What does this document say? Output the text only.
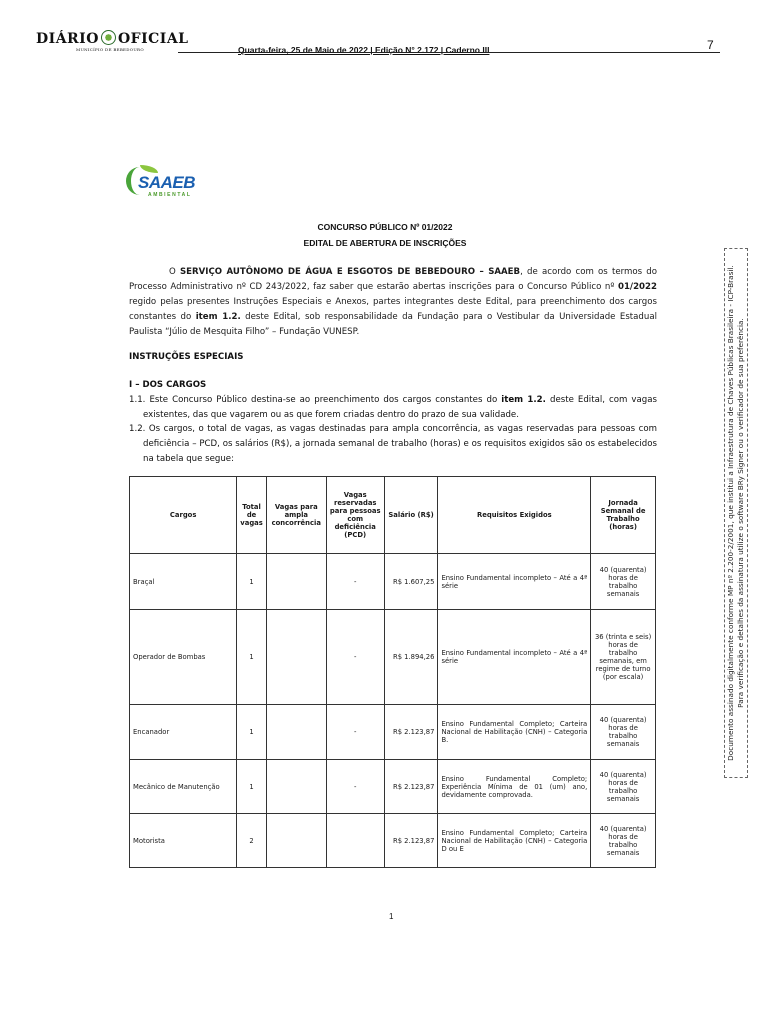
DIÁRIO OFICIAL
MUNICÍPIO DE BEBEDOURO	Quarta-feira, 25 de Maio de 2022 | Edição N° 2.172 | Caderno III	7
SAAEB
AMBIENTAL
CONCURSO PÚBLICO Nº 01/2022
EDITAL DE ABERTURA DE INSCRIÇÕES
O SERVIÇO AUTÔNOMO DE ÁGUA E ESGOTOS DE BEBEDOURO – SAAEB, de acordo com os termos do Processo Administrativo nº CD 243/2022, faz saber que estarão abertas inscrições para o Concurso Público nº 01/2022 regido pelas presentes Instruções Especiais e Anexos, partes integrantes deste Edital, para preenchimento dos cargos constantes do item 1.2. deste Edital, sob responsabilidade da Fundação para o Vestibular da Universidade Estadual Paulista “Júlio de Mesquita Filho” – Fundação VUNESP.
INSTRUÇÕES ESPECIAIS
I – DOS CARGOS
1.1. Este Concurso Público destina-se ao preenchimento dos cargos constantes do item 1.2. deste Edital, com vagas existentes, das que vagarem ou as que forem criadas dentro do prazo de sua validade.
1.2. Os cargos, o total de vagas, as vagas destinadas para ampla concorrência, as vagas reservadas para pessoas com deficiência – PCD, os salários (R$), a jornada semanal de trabalho (horas) e os requisitos exigidos são os estabelecidos na tabela que segue:
Cargos	Total de vagas	Vagas para ampla concorrência	Vagas reservadas para pessoas com deficiência (PCD)	Salário (R$)	Requisitos Exigidos	Jornada Semanal de Trabalho (horas)
Braçal	1		-	R$ 1.607,25	Ensino Fundamental incompleto – Até a 4ª série	40 (quarenta) horas de trabalho semanais
Operador de Bombas	1		-	R$ 1.894,26	Ensino Fundamental incompleto – Até a 4ª série	36 (trinta e seis) horas de trabalho semanais, em regime de turno (por escala)
Encanador	1		-	R$ 2.123,87	Ensino Fundamental Completo; Carteira Nacional de Habilitação (CNH) – Categoria B.	40 (quarenta) horas de trabalho semanais
Mecânico de Manutenção	1		-	R$ 2.123,87	Ensino Fundamental Completo; Experiência Mínima de 01 (um) ano, devidamente comprovada.	40 (quarenta) horas de trabalho semanais
Motorista	2			R$ 2.123,87	Ensino Fundamental Completo; Carteira Nacional de Habilitação (CNH) – Categoria D ou E	40 (quarenta) horas de trabalho semanais
Documento assinado digitalmente conforme MP nº 2.200-2/2001, que institui a Infraestrutura de Chaves Públicas Brasileira - ICP-Brasil. Para verificação e detalhes da assinatura utilize o software BRy Signer ou o verificador de sua preferência.
1
